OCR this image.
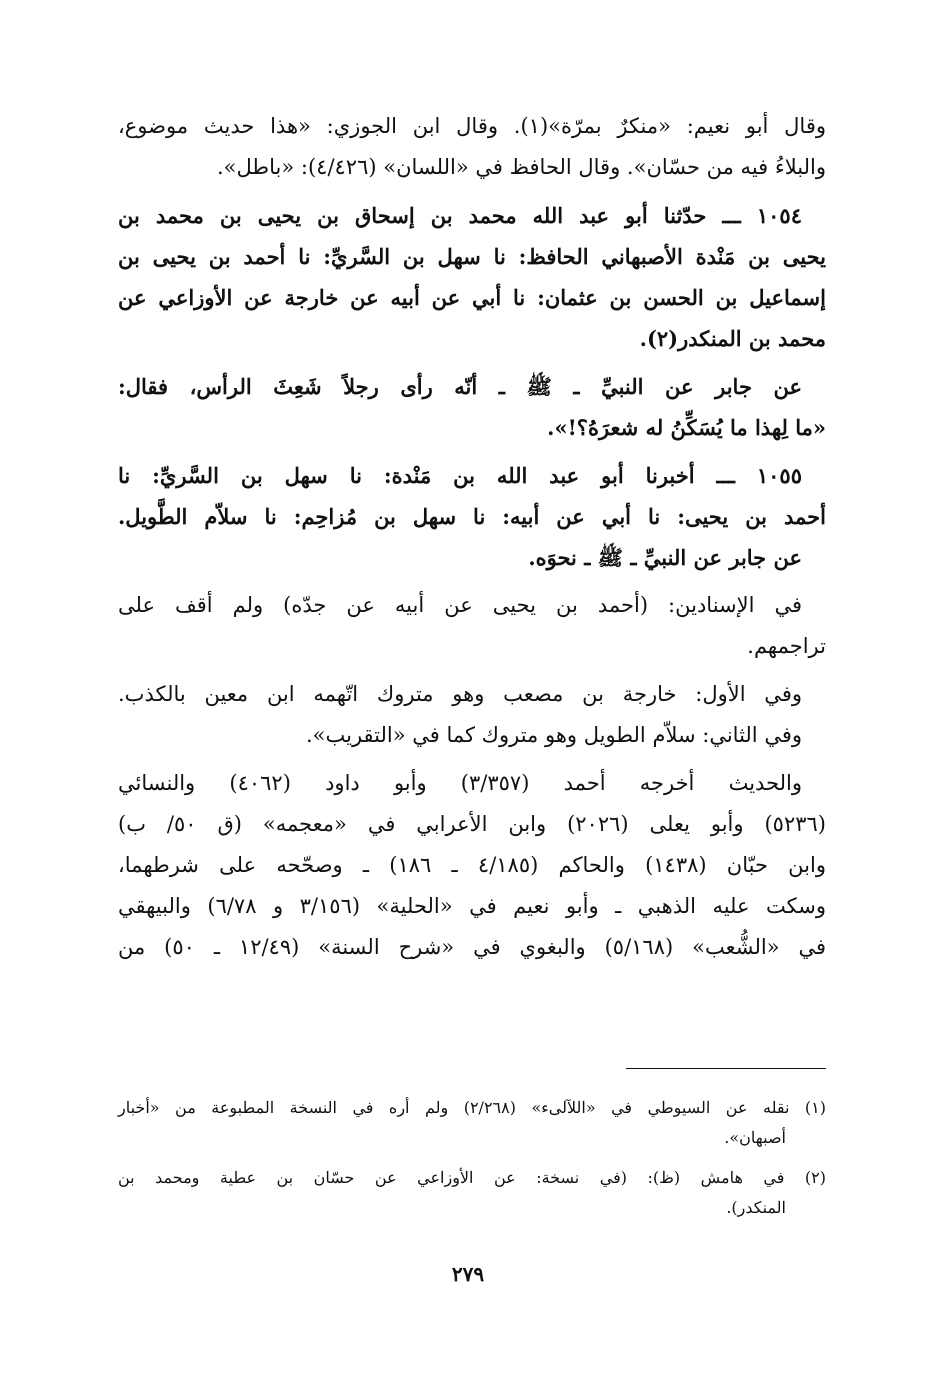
وقال أبو نعيم: «منكرٌ بمرّة»(١). وقال ابن الجوزي: «هذا حديث موضوع،
والبلاءُ فيه من حسّان». وقال الحافظ في «اللسان» (٤/٤٢٦): «باطل».
١٠٥٤ ـــ حدّثنا أبو عبد الله محمد بن إسحاق بن يحيى بن محمد بن
يحيى بن مَنْدة الأصبهاني الحافظ: نا سهل بن السَّريِّ: نا أحمد بن يحيى بن
إسماعيل بن الحسن بن عثمان: نا أبي عن أبيه عن خارجة عن الأوزاعي عن
محمد بن المنكدر(٢).
عن جابر عن النبيِّ ـ ﷺ ـ أنّه رأى رجلاً شَعِثَ الرأس، فقال:
«ما لِهذا ما يُسَكِّنُ له شعرَهُ؟!».
١٠٥٥ ـــ أخبرنا أبو عبد الله بن مَنْدة: نا سهل بن السَّريِّ: نا
أحمد بن يحيى: نا أبي عن أبيه: نا سهل بن مُزاحِم: نا سلاّم الطَّويل.
عن جابر عن النبيِّ ـ ﷺ ـ نحوَه.
في الإسنادين: (أحمد بن يحيى عن أبيه عن جدّه) ولم أقف على
تراجمهم.
وفي الأول: خارجة بن مصعب وهو متروك اتّهمه ابن معين بالكذب.
وفي الثاني: سلاّم الطويل وهو متروك كما في «التقريب».
والحديث أخرجه أحمد (٣/٣٥٧) وأبو داود (٤٠٦٢) والنسائي
(٥٢٣٦) وأبو يعلى (٢٠٢٦) وابن الأعرابي في «معجمه» (ق ٥٠/ ب)
وابن حبّان (١٤٣٨) والحاكم (٤/١٨٥ ـ ١٨٦) ـ وصحّحه على شرطهما،
وسكت عليه الذهبي ـ وأبو نعيم في «الحلية» (٣/١٥٦ و ٦/٧٨) والبيهقي
في «الشُّعب» (٥/١٦٨) والبغوي في «شرح السنة» (١٢/٤٩ ـ ٥٠) من
(١) نقله عن السيوطي في «اللآلىء» (٢/٢٦٨) ولم أره في النسخة المطبوعة من «أخبار
أصبهان».
(٢) في هامش (ظ): (في نسخة: عن الأوزاعي عن حسّان بن عطية ومحمد بن
المنكدر).
٢٧٩
